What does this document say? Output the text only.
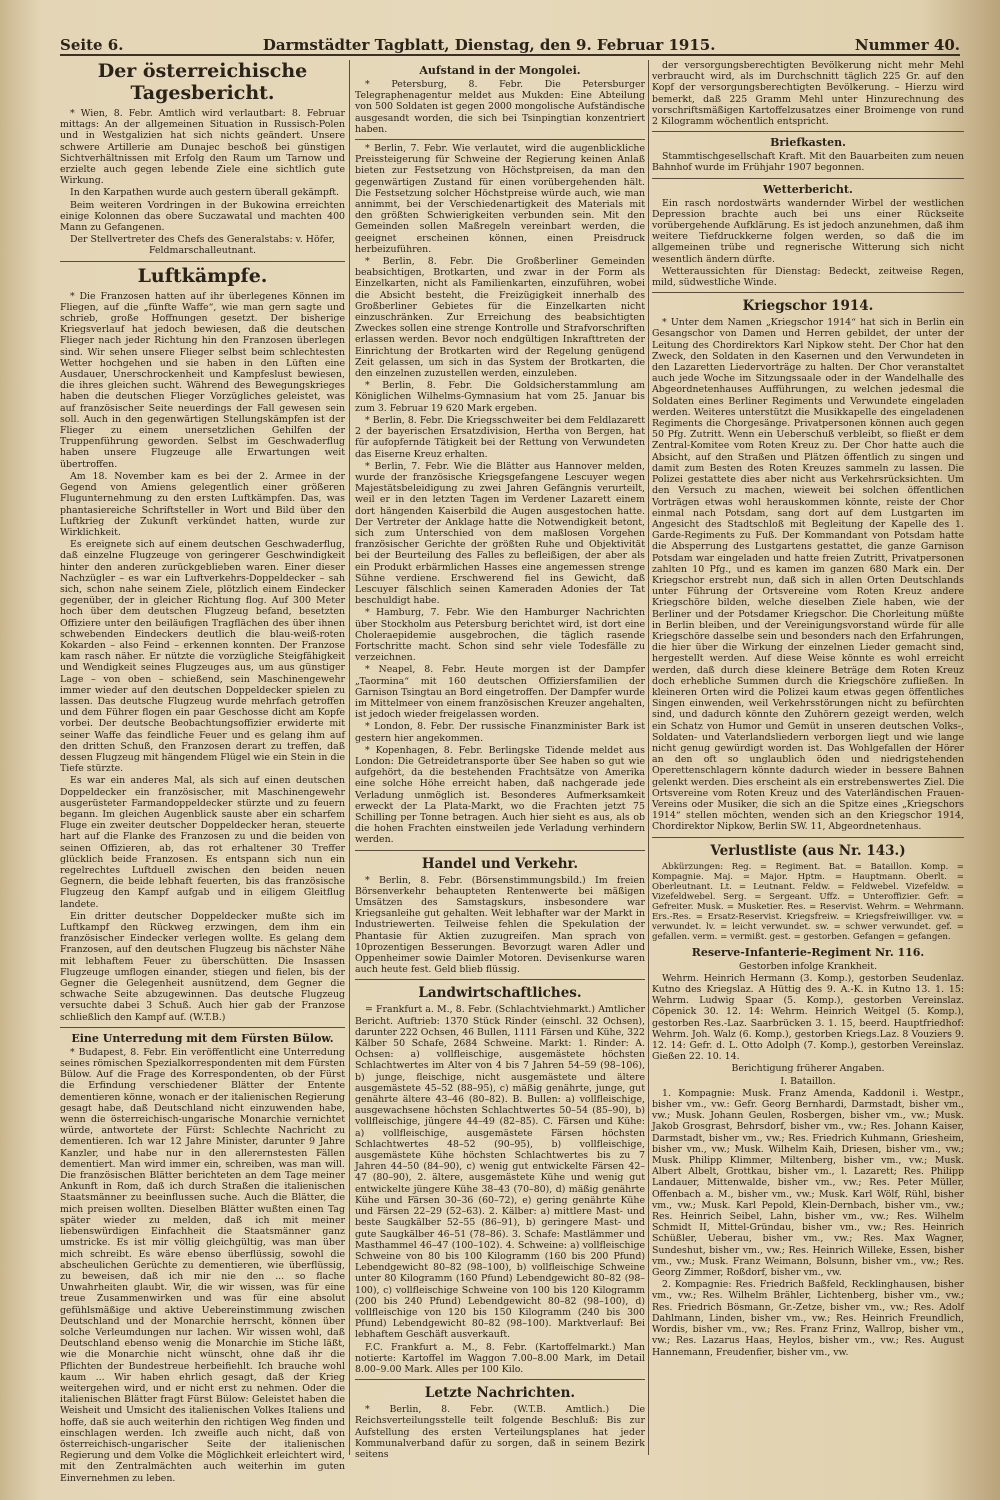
Seite 6.	Darmstädter Tagblatt, Dienstag, den 9. Februar 1915.	Nummer 40.
Der österreichische Tagesbericht.

* Wien, 8. Febr. Amtlich wird verlautbart: 8. Februar mittags: An der allgemeinen Situation in Russisch-Polen und in Westgalizien hat sich nichts geändert. Unsere schwere Artillerie am Dunajec beschoß bei günstigen Sichtverhältnissen mit Erfolg den Raum um Tarnow und erzielte auch gegen lebende Ziele eine sichtlich gute Wirkung.

In den Karpathen wurde auch gestern überall gekämpft.

Beim weiteren Vordringen in der Bukowina erreichten einige Kolonnen das obere Suczawatal und machten 400 Mann zu Gefangenen.

Der Stellvertreter des Chefs des Generalstabs: v. Höfer, Feldmarschalleutnant.

Luftkämpfe.

* Die Franzosen hatten auf ihr überlegenes Können im Fliegen, auf die „fünfte Waffe“, wie man gern sagte und schrieb, große Hoffnungen gesetzt. Der bisherige Kriegsverlauf hat jedoch bewiesen, daß die deutschen Flieger nach jeder Richtung hin den Franzosen überlegen sind. Wir sehen unsere Flieger selbst beim schlechtesten Wetter hochgehen und sie haben in den Lüften eine Ausdauer, Unerschrockenheit und Kampfeslust bewiesen, die ihres gleichen sucht. Während des Bewegungskrieges haben die deutschen Flieger Vorzügliches geleistet, was auf französischer Seite neuerdings der Fall gewesen sein soll. Auch in den gegenwärtigen Stellungskämpfen ist der Flieger zu einem unersetzlichen Gehilfen der Truppenführung geworden. Selbst im Geschwaderflug haben unsere Flugzeuge alle Erwartungen weit übertroffen.

Am 18. November kam es bei der 2. Armee in der Gegend von Amiens gelegentlich einer größeren Flugunternehmung zu den ersten Luftkämpfen. Das, was phantasiereiche Schriftsteller in Wort und Bild über den Luftkrieg der Zukunft verkündet hatten, wurde zur Wirklichkeit.

Es ereignete sich auf einem deutschen Geschwaderflug, daß einzelne Flugzeuge von geringerer Geschwindigkeit hinter den anderen zurückgeblieben waren. Einer dieser Nachzügler – es war ein Luftverkehrs-Doppeldecker – sah sich, schon nahe seinem Ziele, plötzlich einem Eindecker gegenüber, der in gleicher Richtung flog. Auf 300 Meter hoch über dem deutschen Flugzeug befand, besetzten Offiziere unter den beiläufigen Tragflächen des über ihnen schwebenden Eindeckers deutlich die blau-weiß-roten Kokarden – also Feind – erkennen konnten. Der Franzose kam rasch näher. Er nützte die vorzügliche Steigfähigkeit und Wendigkeit seines Flugzeuges aus, um aus günstiger Lage – von oben – schießend, sein Maschinengewehr immer wieder auf den deutschen Doppeldecker spielen zu lassen. Das deutsche Flugzeug wurde mehrfach getroffen und dem Führer flogen ein paar Geschosse dicht am Kopfe vorbei. Der deutsche Beobachtungsoffizier erwiderte mit seiner Waffe das feindliche Feuer und es gelang ihm auf den dritten Schuß, den Franzosen derart zu treffen, daß dessen Flugzeug mit hängendem Flügel wie ein Stein in die Tiefe stürzte.

Es war ein anderes Mal, als sich auf einen deutschen Doppeldecker ein französischer, mit Maschinengewehr ausgerüsteter Farmandoppeldecker stürzte und zu feuern begann. Im gleichen Augenblick sauste aber ein scharfem Fluge ein zweiter deutscher Doppeldecker heran, steuerte hart auf die Flanke des Franzosen zu und die beiden von seinen Offizieren, ab, das rot erhaltener 30 Treffer glücklich beide Franzosen. Es entspann sich nun ein regelrechtes Luftduell zwischen den beiden neuen Gegnern, die beide lebhaft feuerten, bis das französische Flugzeug den Kampf aufgab und in eiligem Gleitflug landete.

Ein dritter deutscher Doppeldecker mußte sich im Luftkampf den Rückweg erzwingen, dem ihm ein französischer Eindecker verlegen wollte. Es gelang dem Franzosen, auf den deutschen Flugzeug bis nächster Nähe mit lebhaftem Feuer zu überschütten. Die Insassen Flugzeuge umflogen einander, stiegen und fielen, bis der Gegner die Gelegenheit ausnützend, dem Gegner die schwache Seite abzugewinnen. Das deutsche Flugzeug versuchte dabei 3 Schuß. Auch hier gab der Franzose schließlich den Kampf auf. (W.T.B.)

Eine Unterredung mit dem Fürsten Bülow.

* Budapest, 8. Febr. Ein veröffentlicht eine Unterredung seines römischen Spezialkorrespondenten mit dem Fürsten Bülow. Auf die Frage des Korrespondenten, ob der Fürst die Erfindung verschiedener Blätter der Entente dementieren könne, wonach er der italienischen Regierung gesagt habe, daß Deutschland nicht einzuwenden habe, wenn die österreichisch-ungarische Monarchie vernichtet würde, antwortete der Fürst: Schlechte Nachricht zu dementieren. Ich war 12 Jahre Minister, darunter 9 Jahre Kanzler, und habe nur in den allerernstesten Fällen dementiert. Man wird immer ein, schreiben, was man will. Die französischen Blätter berichteten an dem Tage meiner Ankunft in Rom, daß ich durch Straßen die italienischen Staatsmänner zu beeinflussen suche. Auch die Blätter, die mich preisen wollten. Dieselben Blätter wußten einen Tag später wieder zu melden, daß ich mit meiner liebenswürdigen Einfachheit die Staatsmänner ganz umstricke. Es ist mir völlig gleichgültig, was man über mich schreibt. Es wäre ebenso überflüssig, sowohl die abscheulichen Gerüchte zu dementieren, wie überflüssig, zu beweisen, daß ich mir nie den ... so flache Unwahrheiten glaubt. Wir, die wir wissen, was für eine treue Zusammenwirken und was für eine absolut gefühlsmäßige und aktive Uebereinstimmung zwischen Deutschland und der Monarchie herrscht, können über solche Verleumdungen nur lachen. Wir wissen wohl, daß Deutschland ebenso wenig die Monarchie im Stiche läßt, wie die Monarchie nicht wünscht, ohne daß ihr die Pflichten der Bundestreue herbeifiehlt. Ich brauche wohl kaum ... Wir haben ehrlich gesagt, daß der Krieg weitergehen wird, und er nicht erst zu nehmen. Oder die italienischen Blätter fragt Fürst Bülow: Geleistet haben die Weisheit und Umsicht des italienischen Volkes Italiens und hoffe, daß sie auch weiterhin den richtigen Weg finden und einschlagen werden. Ich zweifle auch nicht, daß von österreichisch-ungarischer Seite der italienischen Regierung und dem Volke die Möglichkeit erleichtert wird, mit den Zentralmächten auch weiterhin im guten Einvernehmen zu leben.

Aufstand in der Mongolei.

* Petersburg, 8. Febr. Die Petersburger Telegraphenagentur meldet aus Mukden: Eine Abteilung von 500 Soldaten ist gegen 2000 mongolische Aufständische ausgesandt worden, die sich bei Tsinpingtian konzentriert haben.

* Berlin, 7. Febr. Wie verlautet, wird die augenblickliche Preissteigerung für Schweine der Regierung keinen Anlaß bieten zur Festsetzung von Höchstpreisen, da man den gegenwärtigen Zustand für einen vorübergehenden hält. Die Festsetzung solcher Höchstpreise würde auch, wie man annimmt, bei der Verschiedenartigkeit des Materials mit den größten Schwierigkeiten verbunden sein. Mit den Gemeinden sollen Maßregeln vereinbart werden, die geeignet erscheinen können, einen Preisdruck herbeizuführen.

* Berlin, 8. Febr. Die Großberliner Gemeinden beabsichtigen, Brotkarten, und zwar in der Form als Einzelkarten, nicht als Familienkarten, einzuführen, wobei die Absicht besteht, die Freizügigkeit innerhalb des Großberliner Gebietes für die Einzelkarten nicht einzuschränken. Zur Erreichung des beabsichtigten Zweckes sollen eine strenge Kontrolle und Strafvorschriften erlassen werden. Bevor noch endgültigen Inkrafttreten der Einrichtung der Brotkarten wird der Regelung genügend Zeit gelassen, um sich in das System der Brotkarten, die den einzelnen zuzustellen werden, einzuleben.

* Berlin, 8. Febr. Die Goldsicherstammlung am Königlichen Wilhelms-Gymnasium hat vom 25. Januar bis zum 3. Februar 19 620 Mark ergeben.

* Berlin, 8. Febr. Die Kriegsschweiter bei dem Feldlazarett 2 der bayerischen Ersatzdivision, Hertha von Bergen, hat für aufopfernde Tätigkeit bei der Rettung von Verwundeten das Eiserne Kreuz erhalten.

* Berlin, 7. Febr. Wie die Blätter aus Hannover melden, wurde der französische Kriegsgefangene Lescuyer wegen Majestätsbeleidigung zu zwei Jahren Gefängnis verurteilt, weil er in den letzten Tagen im Verdener Lazarett einem dort hängenden Kaiserbild die Augen ausgestochen hatte. Der Vertreter der Anklage hatte die Notwendigkeit betont, sich zum Unterschied von dem maßlosen Vorgehen französischer Gerichte der größten Ruhe und Objektivität bei der Beurteilung des Falles zu befleißigen, der aber als ein Produkt erbärmlichen Hasses eine angemessen strenge Sühne verdiene. Erschwerend fiel ins Gewicht, daß Lescuyer fälschlich seinen Kameraden Adonies der Tat beschuldigt habe.

* Hamburg, 7. Febr. Wie den Hamburger Nachrichten über Stockholm aus Petersburg berichtet wird, ist dort eine Choleraepidemie ausgebrochen, die täglich rasende Fortschritte macht. Schon sind sehr viele Todesfälle zu verzeichnen.

* Neapel, 8. Febr. Heute morgen ist der Dampfer „Taormina“ mit 160 deutschen Offiziersfamilien der Garnison Tsingtau an Bord eingetroffen. Der Dampfer wurde im Mittelmeer von einem französischen Kreuzer angehalten, ist jedoch wieder freigelassen worden.

* London, 8. Febr. Der russische Finanzminister Bark ist gestern hier angekommen.

* Kopenhagen, 8. Febr. Berlingske Tidende meldet aus London: Die Getreidetransporte über See haben so gut wie aufgehört, da die bestehenden Frachtsätze von Amerika eine solche Höhe erreicht haben, daß nachgerade jede Verladung unmöglich ist. Besonderes Aufmerksamkeit erweckt der La Plata-Markt, wo die Frachten jetzt 75 Schilling per Tonne betragen. Auch hier sieht es aus, als ob die hohen Frachten einstweilen jede Verladung verhindern werden.

Handel und Verkehr.

* Berlin, 8. Febr. (Börsenstimmungsbild.) Im freien Börsenverkehr behaupteten Rentenwerte bei mäßigen Umsätzen des Samstagskurs, insbesondere war Kriegsanleihe gut gehalten. Weit lebhafter war der Markt in Industriewerten. Teilweise fehlen die Spekulation der Phantasie für Aktien zuzugreifen. Man sprach von 10prozentigen Besserungen. Bevorzugt waren Adler und Oppenheimer sowie Daimler Motoren. Devisenkurse waren auch heute fest. Geld blieb flüssig.

Landwirtschaftliches.

= Frankfurt a. M., 8. Febr. (Schlachtviehmarkt.) Amtlicher Bericht. Auftrieb: 1370 Stück Rinder (einschl. 32 Ochsen), darunter 222 Ochsen, 46 Bullen, 1111 Färsen und Kühe, 322 Kälber 50 Schafe, 2684 Schweine. Markt: 1. Rinder: A. Ochsen: a) vollfleischige, ausgemästete höchsten Schlachtwertes im Alter von 4 bis 7 Jahren 54–59 (98–106), b) junge, fleischige, nicht ausgemästete und ältere ausgemästete 45–52 (88–95), c) mäßig genährte, junge, gut genährte ältere 43–46 (80–82). B. Bullen: a) vollfleischige, ausgewachsene höchsten Schlachtwertes 50–54 (85–90), b) vollfleischige, jüngere 44–49 (82–85). C. Färsen und Kühe: a) vollfleischige, ausgemästete Färsen höchsten Schlachtwertes 48–52 (90–95), b) vollfleischige, ausgemästete Kühe höchsten Schlachtwertes bis zu 7 Jahren 44–50 (84–90), c) wenig gut entwickelte Färsen 42–47 (80–90), 2. ältere, ausgemästete Kühe und wenig gut entwickelte jüngere Kühe 38–43 (70–80), d) mäßig genährte Kühe und Färsen 30–36 (60–72), e) gering genährte Kühe und Färsen 22–29 (52–63). 2. Kälber: a) mittlere Mast- und beste Saugkälber 52–55 (86–91), b) geringere Mast- und gute Saugkälber 46–51 (78–86). 3. Schafe: Mastlämmer und Masthammel 46–47 (100–102). 4. Schweine: a) vollfleischige Schweine von 80 bis 100 Kilogramm (160 bis 200 Pfund) Lebendgewicht 80–82 (98–100), b) vollfleischige Schweine unter 80 Kilogramm (160 Pfund) Lebendgewicht 80–82 (98–100), c) vollfleischige Schweine von 100 bis 120 Kilogramm (200 bis 240 Pfund) Lebendgewicht 80–82 (98–100), d) vollfleischige von 120 bis 150 Kilogramm (240 bis 300 Pfund) Lebendgewicht 80–82 (98–100). Marktverlauf: Bei lebhaftem Geschäft ausverkauft.

F.C. Frankfurt a. M., 8. Febr. (Kartoffelmarkt.) Man notierte: Kartoffel im Waggon 7.00–8.00 Mark, im Detail 8.00–9.00 Mark. Alles per 100 Kilo.

Letzte Nachrichten.

* Berlin, 8. Febr. (W.T.B. Amtlich.) Die Reichsverteilungsstelle teilt folgende Beschluß: Bis zur Aufstellung des ersten Verteilungsplanes hat jeder Kommunalverband dafür zu sorgen, daß in seinem Bezirk seitens

der versorgungsberechtigten Bevölkerung nicht mehr Mehl verbraucht wird, als im Durchschnitt täglich 225 Gr. auf den Kopf der versorgungsberechtigten Bevölkerung. – Hierzu wird bemerkt, daß 225 Gramm Mehl unter Hinzurechnung des vorschriftsmäßigen Kartoffelzusatzes einer Broimenge von rund 2 Kilogramm wöchentlich entspricht.

Briefkasten.

Stammtischgesellschaft Kraft. Mit den Bauarbeiten zum neuen Bahnhof wurde im Frühjahr 1907 begonnen.

Wetterbericht.

Ein rasch nordostwärts wandernder Wirbel der westlichen Depression brachte auch bei uns einer Rückseite vorübergehende Aufklärung. Es ist jedoch anzunehmen, daß ihm weitere Tiefdruckkerne folgen werden, so daß die im allgemeinen trübe und regnerische Witterung sich nicht wesentlich ändern dürfte.

Wetteraussichten für Dienstag: Bedeckt, zeitweise Regen, mild, südwestliche Winde.

Kriegschor 1914.

* Unter dem Namen „Kriegschor 1914“ hat sich in Berlin ein Gesangschor von Damen und Herren gebildet, der unter der Leitung des Chordirektors Karl Nipkow steht. Der Chor hat den Zweck, den Soldaten in den Kasernen und den Verwundeten in den Lazaretten Liedervorträge zu halten. Der Chor veranstaltet auch jede Woche im Sitzungssaale oder in der Wandelhalle des Abgeordnetenhauses Aufführungen, zu welchen jedesmal die Soldaten eines Berliner Regiments und Verwundete eingeladen werden. Weiteres unterstützt die Musikkapelle des eingeladenen Regiments die Chorgesänge. Privatpersonen können auch gegen 50 Pfg. Zutritt. Wenn ein Ueberschuß verbleibt, so fließt er dem Zentral-Komitee vom Roten Kreuz zu. Der Chor hatte auch die Absicht, auf den Straßen und Plätzen öffentlich zu singen und damit zum Besten des Roten Kreuzes sammeln zu lassen. Die Polizei gestattete dies aber nicht aus Verkehrsrücksichten. Um den Versuch zu machen, wieweit bei solchen öffentlichen Vorträgen etwas wohl herauskommen könnte, reiste der Chor einmal nach Potsdam, sang dort auf dem Lustgarten im Angesicht des Stadtschloß mit Begleitung der Kapelle des 1. Garde-Regiments zu Fuß. Der Kommandant von Potsdam hatte die Absperrung des Lustgartens gestattet, die ganze Garnison Potsdam war eingeladen und hatte freien Zutritt, Privatpersonen zahlten 10 Pfg., und es kamen im ganzen 680 Mark ein. Der Kriegschor erstrebt nun, daß sich in allen Orten Deutschlands unter Führung der Ortsvereine vom Roten Kreuz andere Kriegschöre bilden, welche dieselben Ziele haben, wie der Berliner und der Potsdamer Kriegschor. Die Chorleitung müßte in Berlin bleiben, und der Vereinigungsvorstand würde für alle Kriegschöre dasselbe sein und besonders nach den Erfahrungen, die hier über die Wirkung der einzelnen Lieder gemacht sind, hergestellt werden. Auf diese Weise könnte es wohl erreicht werden, daß durch diese kleinere Beträge dem Roten Kreuz doch erhebliche Summen durch die Kriegschöre zufließen. In kleineren Orten wird die Polizei kaum etwas gegen öffentliches Singen einwenden, weil Verkehrsstörungen nicht zu befürchten sind, und dadurch könnte den Zuhörern gezeigt werden, welch ein Schatz von Humor und Gemüt in unseren deutschen Volks-, Soldaten- und Vaterlandsliedern verborgen liegt und wie lange nicht genug gewürdigt worden ist. Das Wohlgefallen der Hörer an den oft so unglaublich öden und niedrigstehenden Operettenschlagern könnte dadurch wieder in bessere Bahnen gelenkt werden. Dies erscheint als ein erstrebenswertes Ziel. Die Ortsvereine vom Roten Kreuz und des Vaterländischen Frauen-Vereins oder Musiker, die sich an die Spitze eines „Kriegschors 1914“ stellen möchten, wenden sich an den Kriegschor 1914, Chordirektor Nipkow, Berlin SW. 11, Abgeordnetenhaus.

Verlustliste (aus Nr. 143.)

Abkürzungen: Reg. = Regiment. Bat. = Bataillon. Komp. = Kompagnie. Maj. = Major. Hptm. = Hauptmann. Oberlt. = Oberleutnant. Lt. = Leutnant. Feldw. = Feldwebel. Vizefeldw. = Vizefeldwebel. Serg. = Sergeant. Uffz. = Unteroffizier. Gefr. = Gefreiter. Musk. = Musketier. Res. = Reservist. Wehrm. = Wehrmann. Ers.-Res. = Ersatz-Reservist. Kriegsfreiw. = Kriegsfreiwilliger. vw. = verwundet. lv. = leicht verwundet. sw. = schwer verwundet. gef. = gefallen. verm. = vermißt. gest. = gestorben. Gefangen = gefangen.

Reserve-Infanterie-Regiment Nr. 116.

Gestorben infolge Krankheit.

Wehrm. Heinrich Hermann (3. Komp.), gestorben Seudenlaz. Kutno des Kriegslaz. A Hüttig des 9. A.-K. in Kutno 13. 1. 15: Wehrm. Ludwig Spaar (5. Komp.), gestorben Vereinslaz. Cöpenick 30. 12. 14: Wehrm. Heinrich Weitgel (5. Komp.), gestorben Res.-Laz. Saarbrücken 3. 1. 15, beerd. Hauptfriedhof: Wehrm. Joh. Walz (6. Komp.), gestorben Kriegs.Laz. 8 Vouziers 9. 12. 14: Gefr. d. L. Otto Adolph (7. Komp.), gestorben Vereinslaz. Gießen 22. 10. 14.

Berichtigung früherer Angaben.

I. Bataillon.

1. Kompagnie: Musk. Franz Amenda, Kaddonil i. Westpr., bisher vm., vw.: Gefr. Georg Bernhardi, Darmstadt, bisher vm., vw.; Musk. Johann Geulen, Rosbergen, bisher vm., vw.; Musk. Jakob Grosgrast, Behrsdorf, bisher vm., vw.; Res. Johann Kaiser, Darmstadt, bisher vm., vw.; Res. Friedrich Kuhmann, Griesheim, bisher vm., vw.; Musk. Wilhelm Kaih, Driesen, bisher vm., vw.; Musk. Philipp Klimmer, Miltenberg, bisher vm., vw.; Musk. Albert Albelt, Grottkau, bisher vm., l. Lazarett; Res. Philipp Landauer, Mittenwalde, bisher vm., vw.; Res. Peter Müller, Offenbach a. M., bisher vm., vw.; Musk. Karl Wölf, Rühl, bisher vm., vw.; Musk. Karl Pepold, Klein-Dernbach, bisher vm., vw.; Res. Heinrich Seibel, Lahn, bisher vm., vw.; Res. Wilhelm Schmidt II, Mittel-Gründau, bisher vm., vw.; Res. Heinrich Schüßler, Ueberau, bisher vm., vw.; Res. Max Wagner, Sundeshut, bisher vm., vw.; Res. Heinrich Willeke, Essen, bisher vm., vw.; Musk. Franz Weimann, Bolsunn, bisher vm., vw.; Res. Georg Zimmer, Roßdorf, bisher vm., vw.

2. Kompagnie: Res. Friedrich Baßfeld, Recklinghausen, bisher vm., vw.; Res. Wilhelm Brähler, Lichtenberg, bisher vm., vw.; Res. Friedrich Bösmann, Gr.-Zetze, bisher vm., vw.; Res. Adolf Dahlmann, Linden, bisher vm., vw.; Res. Heinrich Freundlich, Wordis, bisher vm., vw.; Res. Franz Frinz, Wallrop, bisher vm., vw.; Res. Lazarus Haas, Heylos, bisher vm., vw.; Res. August Hannemann, Freudenfier, bisher vm., vw.
